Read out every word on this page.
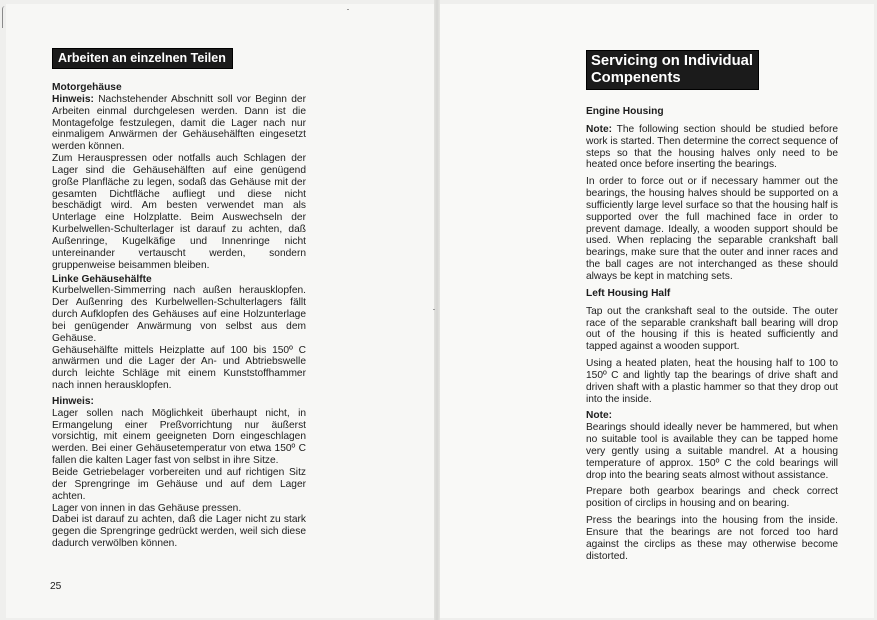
Arbeiten an einzelnen Teilen

Motorgehäuse

Hinweis: Nachstehender Abschnitt soll vor Beginn der Arbeiten einmal durchgelesen werden. Dann ist die Montagefolge festzulegen, damit die Lager nach nur einmaligem Anwärmen der Gehäusehälften eingesetzt werden können.

Zum Herauspressen oder notfalls auch Schlagen der Lager sind die Gehäusehälften auf eine genügend große Planfläche zu legen, sodaß das Gehäuse mit der gesamten Dichtfläche aufliegt und diese nicht beschädigt wird. Am besten verwendet man als Unterlage eine Holzplatte. Beim Auswechseln der Kurbelwellen-Schulterlager ist darauf zu achten, daß Außenringe, Kugelkäfige und Innenringe nicht untereinander vertauscht werden, sondern gruppenweise beisammen bleiben.

Linke Gehäusehälfte

Kurbelwellen-Simmerring nach außen herausklopfen. Der Außenring des Kurbelwellen-Schulterlagers fällt durch Aufklopfen des Gehäuses auf eine Holzunterlage bei genügender Anwärmung von selbst aus dem Gehäuse.

Gehäusehälfte mittels Heizplatte auf 100 bis 150º C anwärmen und die Lager der An- und Abtriebswelle durch leichte Schläge mit einem Kunststoffhammer nach innen herausklopfen.

Hinweis:

Lager sollen nach Möglichkeit überhaupt nicht, in Ermangelung einer Preßvorrichtung nur äußerst vorsichtig, mit einem geeigneten Dorn eingeschlagen werden. Bei einer Gehäusetemperatur von etwa 150º C fallen die kalten Lager fast von selbst in ihre Sitze.

Beide Getriebelager vorbereiten und auf richtigen Sitz der Sprengringe im Gehäuse und auf dem Lager achten.

Lager von innen in das Gehäuse pressen.

Dabei ist darauf zu achten, daß die Lager nicht zu stark gegen die Sprengringe gedrückt werden, weil sich diese dadurch verwölben können.

25
Servicing on Individual Compenents

Engine Housing

Note: The following section should be studied before work is started. Then determine the correct sequence of steps so that the housing halves only need to be heated once before inserting the bearings.

In order to force out or if necessary hammer out the bearings, the housing halves should be supported on a sufficiently large level surface so that the housing half is supported over the full machined face in order to prevent damage. Ideally, a wooden support should be used. When replacing the separable crankshaft ball bearings, make sure that the outer and inner races and the ball cages are not interchanged as these should always be kept in matching sets.

Left Housing Half

Tap out the crankshaft seal to the outside. The outer race of the separable crankshaft ball bearing will drop out of the housing if this is heated sufficiently and tapped against a wooden support.

Using a heated platen, heat the housing half to 100 to 150º C and lightly tap the bearings of drive shaft and driven shaft with a plastic hammer so that they drop out into the inside.

Note:

Bearings should ideally never be hammered, but when no suitable tool is available they can be tapped home very gently using a suitable mandrel. At a housing temperature of approx. 150º C the cold bearings will drop into the bearing seats almost without assistance.

Prepare both gearbox bearings and check correct position of circlips in housing and on bearing.

Press the bearings into the housing from the inside. Ensure that the bearings are not forced too hard against the circlips as these may otherwise become distorted.
